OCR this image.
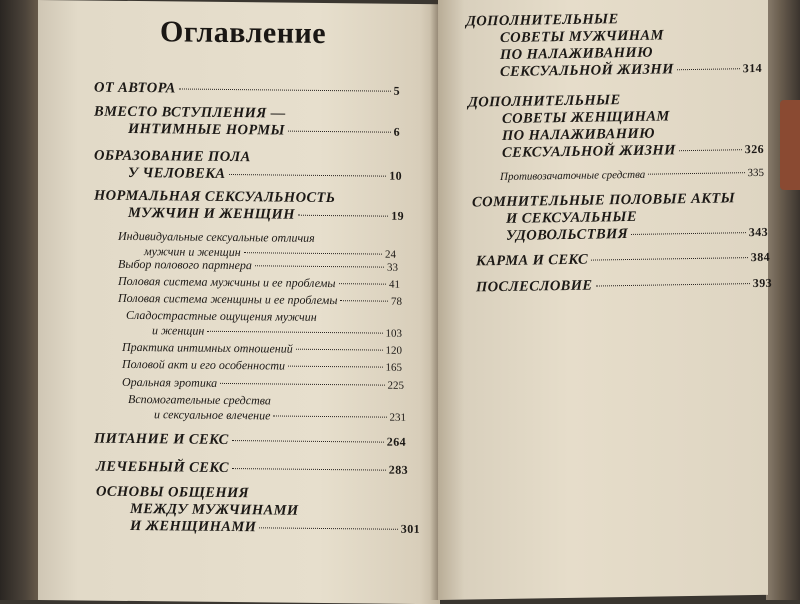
Оглавление
ОТ АВТОРА	5
ВМЕСТО ВСТУПЛЕНИЯ —
ИНТИМНЫЕ НОРМЫ	6
ОБРАЗОВАНИЕ ПОЛА
У ЧЕЛОВЕКА	10
НОРМАЛЬНАЯ СЕКСУАЛЬНОСТЬ
МУЖЧИН И ЖЕНЩИН	19
Индивидуальные сексуальные отличия
мужчин и женщин	24
Выбор полового партнера	33
Половая система мужчины и ее проблемы	41
Половая система женщины и ее проблемы	78
Сладострастные ощущения мужчин
и женщин	103
Практика интимных отношений	120
Половой акт и его особенности	165
Оральная эротика	225
Вспомогательные средства
и сексуальное влечение	231
ПИТАНИЕ И СЕКС	264
ЛЕЧЕБНЫЙ СЕКС	283
ОСНОВЫ ОБЩЕНИЯ
МЕЖДУ МУЖЧИНАМИ
И ЖЕНЩИНАМИ	301
ДОПОЛНИТЕЛЬНЫЕ
СОВЕТЫ МУЖЧИНАМ
ПО НАЛАЖИВАНИЮ
СЕКСУАЛЬНОЙ ЖИЗНИ	314
ДОПОЛНИТЕЛЬНЫЕ
СОВЕТЫ ЖЕНЩИНАМ
ПО НАЛАЖИВАНИЮ
СЕКСУАЛЬНОЙ ЖИЗНИ	326
Противозачаточные средства	335
СОМНИТЕЛЬНЫЕ ПОЛОВЫЕ АКТЫ
И СЕКСУАЛЬНЫЕ
УДОВОЛЬСТВИЯ	343
КАРМА И СЕКС	384
ПОСЛЕСЛОВИЕ	393
